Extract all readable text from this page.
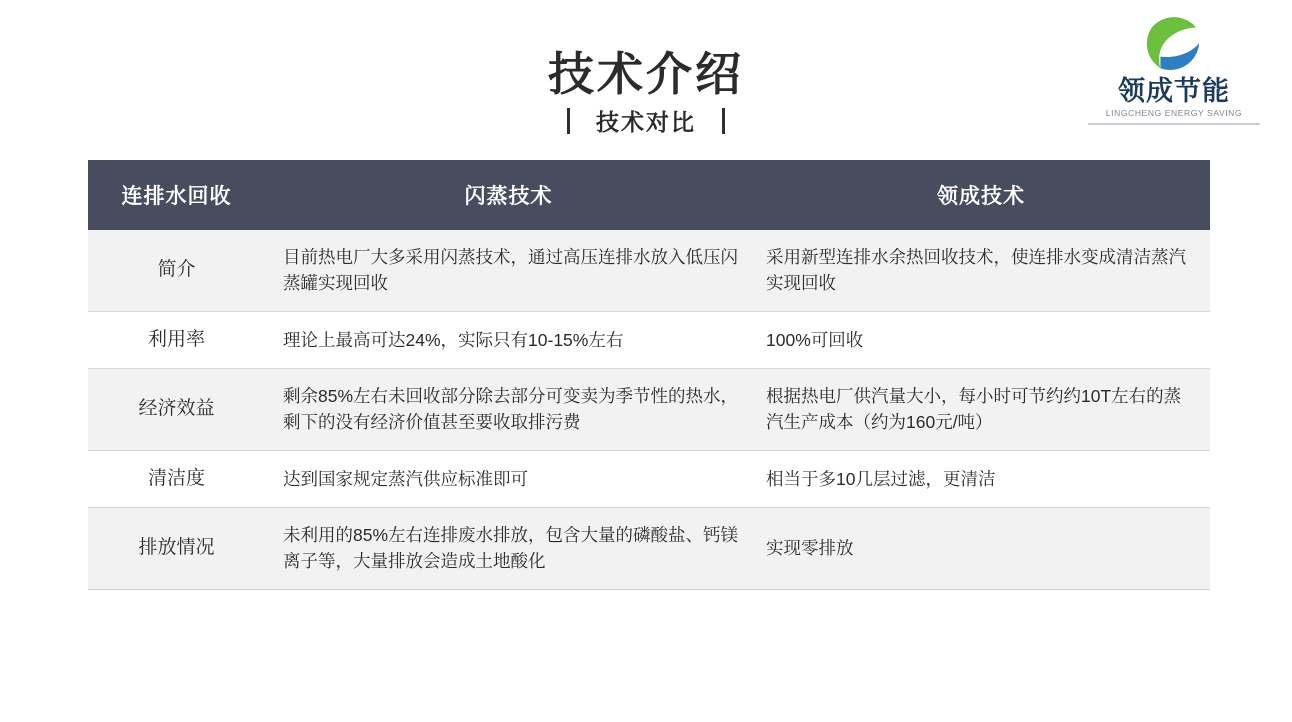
领成节能
LINGCHENG ENERGY SAVING
技术介绍
技术对比
连排水回收	闪蒸技术	领成技术
简介	目前热电厂大多采用闪蒸技术，通过高压连排水放入低压闪蒸罐实现回收	采用新型连排水余热回收技术，使连排水变成清洁蒸汽实现回收
利用率	理论上最高可达24%，实际只有10-15%左右	100%可回收
经济效益	剩余85%左右未回收部分除去部分可变卖为季节性的热水，剩下的没有经济价值甚至要收取排污费	根据热电厂供汽量大小，每小时可节约约10T左右的蒸汽生产成本（约为160元/吨）
清洁度	达到国家规定蒸汽供应标准即可	相当于多10几层过滤，更清洁
排放情况	未利用的85%左右连排废水排放，包含大量的磷酸盐、钙镁离子等，大量排放会造成土地酸化	实现零排放
